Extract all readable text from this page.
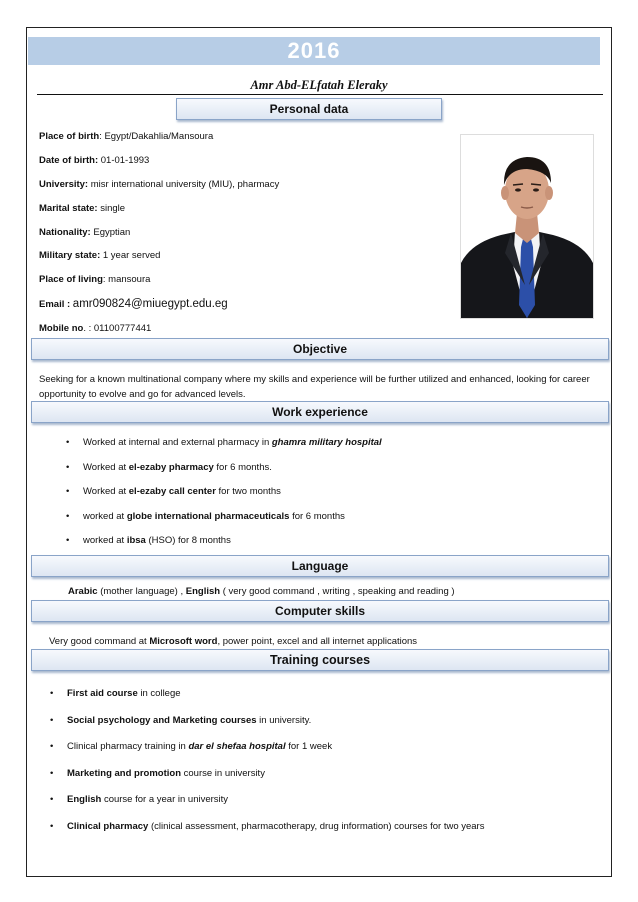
2016
Amr Abd-ELfatah Eleraky
Personal data
Place of birth: Egypt/Dakahlia/Mansoura
Date of birth: 01-01-1993
University: misr international university (MIU), pharmacy
Marital state: single
Nationality: Egyptian
Military state: 1 year served
Place of living: mansoura
Email : amr090824@miuegypt.edu.eg
Mobile no. : 01100777441
Objective
Seeking for a known multinational company where my skills and experience will be further utilized and enhanced, looking for career opportunity to evolve and go for advanced levels.
Work experience
• Worked at internal and external pharmacy in ghamra military hospital
• Worked at el-ezaby pharmacy for 6 months.
• Worked at el-ezaby call center for two months
• worked at globe international pharmaceuticals for 6 months
• worked at ibsa (HSO) for 8 months
Language
Arabic (mother language) , English ( very good command , writing , speaking and reading )
Computer skills
Very good command at Microsoft word, power point, excel and all internet applications
Training courses
• First aid course in college
• Social psychology and Marketing courses in university.
• Clinical pharmacy training in dar el shefaa hospital for 1 week
• Marketing and promotion course in university
• English course for a year in university
• Clinical pharmacy (clinical assessment, pharmacotherapy, drug information) courses for two years
